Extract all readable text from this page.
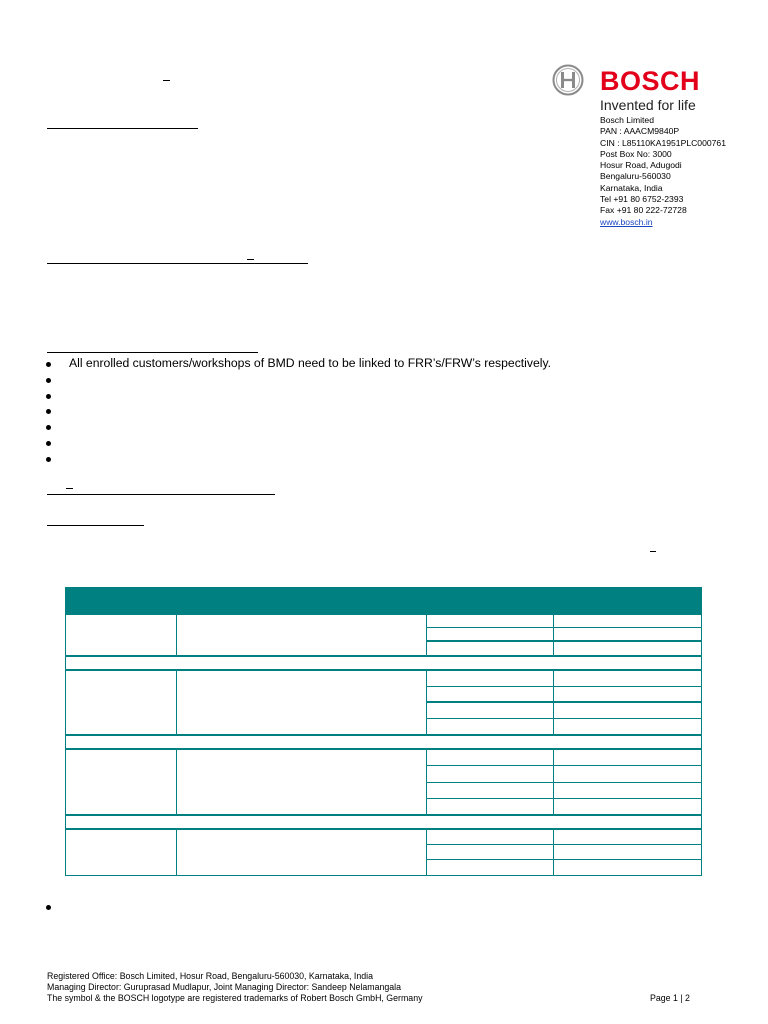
BOSCH
Invented for life
Bosch Limited
PAN : AAACM9840P
CIN : L85110KA1951PLC000761
Post Box No: 3000
Hosur Road, Adugodi
Bengaluru-560030
Karnataka, India
Tel +91 80 6752-2393
Fax +91 80 222-72728
www.bosch.in
All enrolled customers/workshops of BMD need to be linked to FRR’s/FRW’s respectively.
Registered Office: Bosch Limited, Hosur Road, Bengaluru-560030, Karnataka, India
Managing Director: Guruprasad Mudlapur, Joint Managing Director: Sandeep Nelamangala
The symbol & the BOSCH logotype are registered trademarks of Robert Bosch GmbH, Germany	Page 1 | 2
